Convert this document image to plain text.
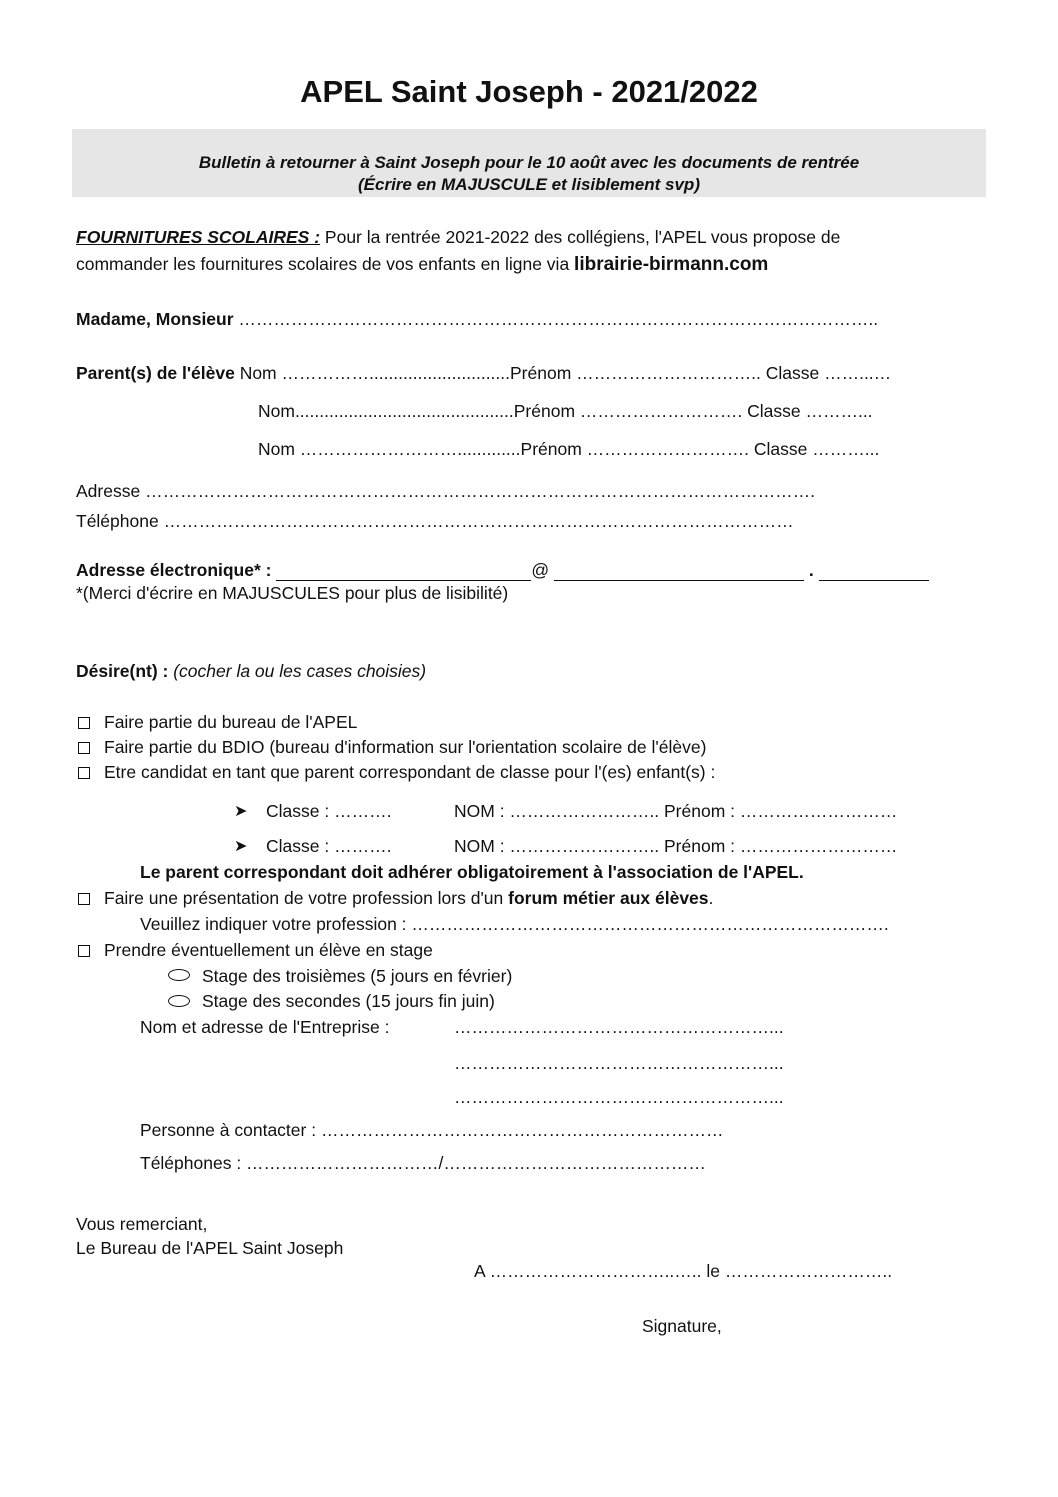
APEL Saint Joseph - 2021/2022
Bulletin à retourner à Saint Joseph pour le 10 août avec les documents de rentrée
(Écrire en MAJUSCULE et lisiblement svp)
FOURNITURES SCOLAIRES : Pour la rentrée 2021-2022 des collégiens, l'APEL vous propose de
commander les fournitures scolaires de vos enfants en ligne via librairie-birmann.com
Madame, Monsieur ………………………………………………………………………………………………..
Parent(s) de l'élève Nom …………….............................Prénom ………………………….. Classe ……...…
Nom.............................................Prénom ………………………. Classe ………...
Nom ……………………….............Prénom ………………………. Classe ………...
Adresse …………………………………………………………………………………………………….
Téléphone ………………………………………………………………………………………………
Adresse électronique* :	@	.
*(Merci d'écrire en MAJUSCULES pour plus de lisibilité)
Désire(nt) : (cocher la ou les cases choisies)
Faire partie du bureau de l'APEL
Faire partie du BDIO (bureau d'information sur l'orientation scolaire de l'élève)
Etre candidat en tant que parent correspondant de classe pour l'(es) enfant(s) :
➤ Classe : ……….	NOM : …………………….. Prénom : ………………………
➤ Classe : ……….	NOM : …………………….. Prénom : ………………………
Le parent correspondant doit adhérer obligatoirement à l'association de l'APEL.
Faire une présentation de votre profession lors d'un forum métier aux élèves.
Veuillez indiquer votre profession : ……………………………………………………………………….
Prendre éventuellement un élève en stage
Stage des troisièmes (5 jours en février)
Stage des secondes (15 jours fin juin)
Nom et adresse de l'Entreprise :	………………………………………………...
………………………………………………...
………………………………………………...
Personne à contacter : ……………………………………………………………
Téléphones : ……………………………/………………………………………
Vous remerciant,
Le Bureau de l'APEL Saint Joseph
A …………………………..….. le ………………………..
Signature,
